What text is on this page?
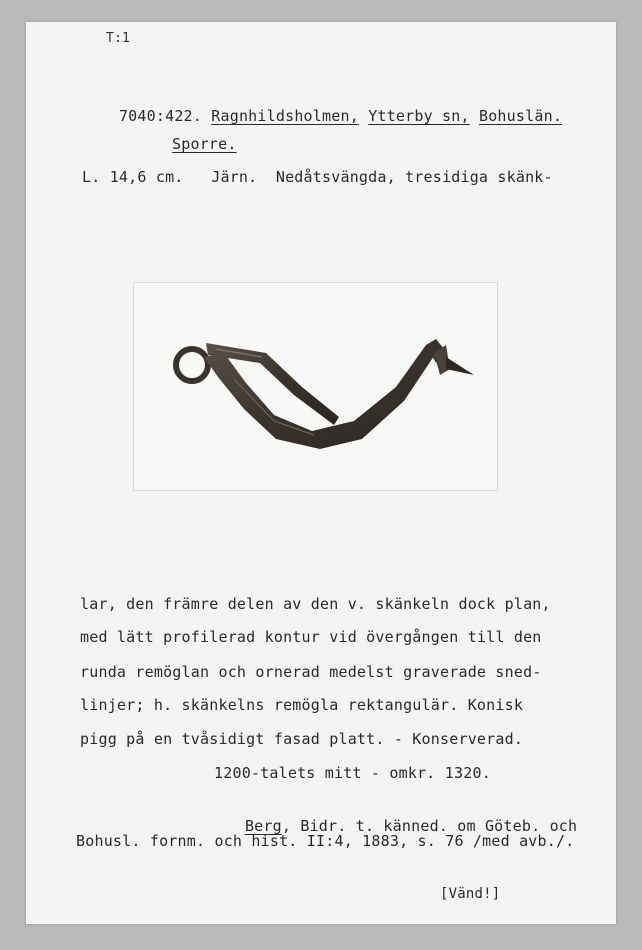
T:1

7040:422. Ragnhildsholmen, Ytterby sn, Bohuslän.

Sporre.
L. 14,6 cm.   Järn.  Nedåtsvängda, tresidiga skänk-
lar, den främre delen av den v. skänkeln dock plan,
med lätt profilerad kontur vid övergången till den
runda remöglan och ornerad medelst graverade sned-
linjer; h. skänkelns remögla rektangulär. Konisk
pigg på en tvåsidigt fasad platt. - Konserverad.
1200-talets mitt - omkr. 1320.

Berg, Bidr. t. känned. om Göteb. och

Bohusl. fornm. och hist. II:4, 1883, s. 76 /med avb./.
[Vänd!]
